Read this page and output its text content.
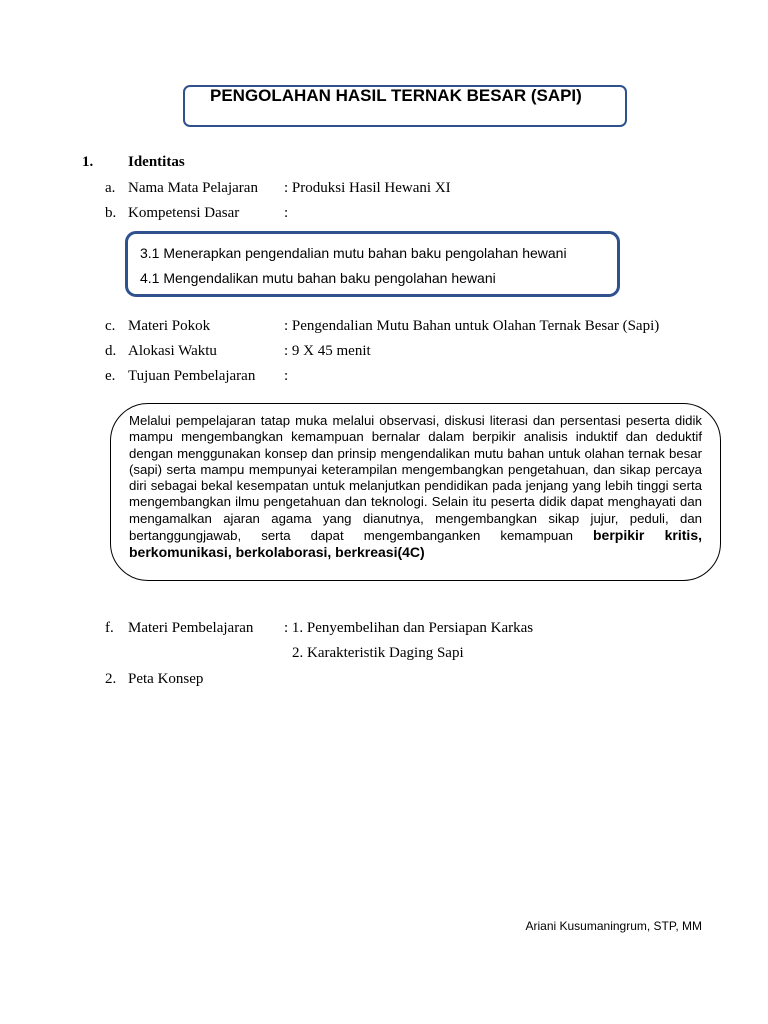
PENGOLAHAN HASIL TERNAK BESAR (SAPI)
1. Identitas
a. Nama Mata Pelajaran : Produksi Hasil Hewani XI
b. Kompetensi Dasar	:
3.1 Menerapkan pengendalian mutu bahan baku pengolahan hewani
4.1 Mengendalikan mutu bahan baku pengolahan hewani
c. Materi Pokok	: Pengendalian Mutu Bahan untuk Olahan Ternak Besar (Sapi)
d. Alokasi Waktu	: 9 X 45 menit
e. Tujuan Pembelajaran :
Melalui pempelajaran tatap muka melalui observasi, diskusi literasi dan persentasi peserta didik mampu mengembangkan kemampuan bernalar dalam berpikir analisis induktif dan deduktif dengan menggunakan konsep dan prinsip mengendalikan mutu bahan untuk olahan ternak besar (sapi) serta mampu mempunyai keterampilan mengembangkan pengetahuan, dan sikap percaya diri sebagai bekal kesempatan untuk melanjutkan pendidikan pada jenjang yang lebih tinggi serta mengembangkan ilmu pengetahuan dan teknologi. Selain itu peserta didik dapat menghayati dan mengamalkan ajaran agama yang dianutnya, mengembangkan sikap jujur, peduli, dan bertanggungjawab, serta dapat mengembanganken kemampuan berpikir kritis, berkomunikasi, berkolaborasi, berkreasi(4C)
f. Materi Pembelajaran : 1. Penyembelihan dan Persiapan Karkas
2. Karakteristik Daging Sapi
2. Peta Konsep
Ariani Kusumaningrum, STP, MM
